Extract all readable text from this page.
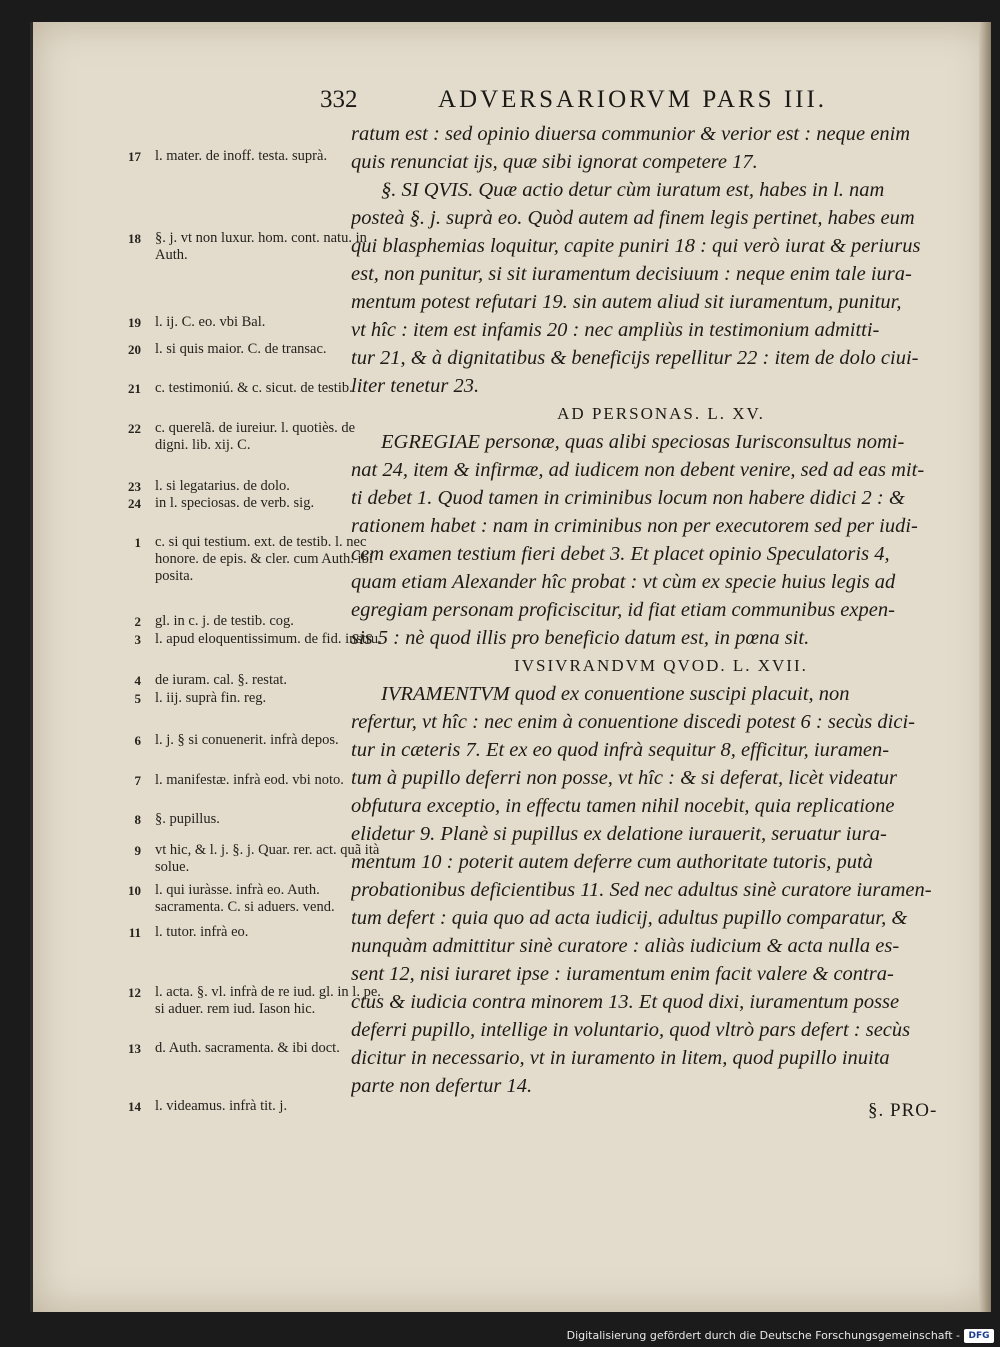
332	ADVERSARIORVM PARS III.
ratum est : sed opinio diuersa communior & verior est : neque enim
quis renunciat ijs, quæ sibi ignorat competere 17.
§. SI QVIS. Quæ actio detur cùm iuratum est, habes in l. nam
posteà §. j. suprà eo. Quòd autem ad finem legis pertinet, habes eum
qui blasphemias loquitur, capite puniri 18 : qui verò iurat & periurus
est, non punitur, si sit iuramentum decisiuum : neque enim tale iura-
mentum potest refutari 19. sin autem aliud sit iuramentum, punitur,
vt hîc : item est infamis 20 : nec ampliùs in testimonium admitti-
tur 21, & à dignitatibus & beneficijs repellitur 22 : item de dolo ciui-
liter tenetur 23.
AD PERSONAS. L. XV.
EGREGIAE personæ, quas alibi speciosas Iurisconsultus nomi-
nat 24, item & infirmæ, ad iudicem non debent venire, sed ad eas mit-
ti debet 1. Quod tamen in criminibus locum non habere didici 2 : &
rationem habet : nam in criminibus non per executorem sed per iudi-
cem examen testium fieri debet 3. Et placet opinio Speculatoris 4,
quam etiam Alexander hîc probat : vt cùm ex specie huius legis ad
egregiam personam proficiscitur, id fiat etiam communibus expen-
sis 5 : nè quod illis pro beneficio datum est, in pœna sit.
IVSIVRANDVM QVOD. L. XVII.
IVRAMENTVM quod ex conuentione suscipi placuit, non
refertur, vt hîc : nec enim à conuentione discedi potest 6 : secùs dici-
tur in cæteris 7. Et ex eo quod infrà sequitur 8, efficitur, iuramen-
tum à pupillo deferri non posse, vt hîc : & si deferat, licèt videatur
obfutura exceptio, in effectu tamen nihil nocebit, quia replicatione
elidetur 9. Planè si pupillus ex delatione iurauerit, seruatur iura-
mentum 10 : poterit autem deferre cum authoritate tutoris, putà
probationibus deficientibus 11. Sed nec adultus sinè curatore iuramen-
tum defert : quia quo ad acta iudicij, adultus pupillo comparatur, &
nunquàm admittitur sinè curatore : aliàs iudicium & acta nulla es-
sent 12, nisi iuraret ipse : iuramentum enim facit valere & contra-
ctus & iudicia contra minorem 13. Et quod dixi, iuramentum posse
deferri pupillo, intellige in voluntario, quod vltrò pars defert : secùs
dicitur in necessario, vt in iuramento in litem, quod pupillo inuita
parte non defertur 14.
17 l. mater. de inoff. testa. suprà.
18 §. j. vt non luxur. hom. cont. natu. in Auth.
19 l. ij. C. eo. vbi Bal.
20 l. si quis maior. C. de transac.
21 c. testimoniú. & c. sicut. de testib.
22 c. querelã. de iureiur. l. quotiès. de digni. lib. xij. C.
23 l. si legatarius. de dolo.
24 in l. speciosas. de verb. sig.
1 c. si qui testium. ext. de testib. l. nec honore. de epis. & cler. cum Auth. ibi posita.
2 gl. in c. j. de testib. cog.
3 l. apud eloquentissimum. de fid. instru.
4 de iuram. cal. §. restat.
5 l. iij. suprà fin. reg.
6 l. j. § si conuenerit. infrà depos.
7 l. manifestæ. infrà eod. vbi noto.
8 §. pupillus.
9 vt hic, & l. j. §. j. Quar. rer. act. quã ità solue.
10 l. qui iuràsse. infrà eo. Auth. sacramenta. C. si aduers. vend.
11 l. tutor. infrà eo.
12 l. acta. §. vl. infrà de re iud. gl. in l. pe. si aduer. rem iud. Iason hic.
13 d. Auth. sacramenta. & ibi doct.
14 l. videamus. infrà tit. j.	§. PRO-
Digitalisierung gefördert durch die Deutsche Forschungsgemeinschaft - DFG
